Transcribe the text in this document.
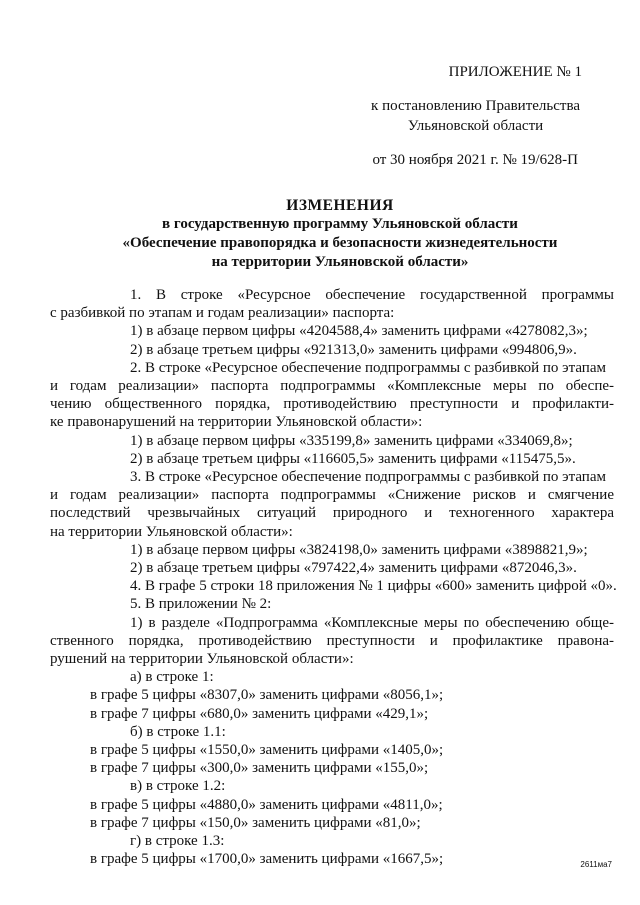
ПРИЛОЖЕНИЕ № 1
к постановлению Правительства
Ульяновской области
от 30 ноября 2021 г. № 19/628-П
ИЗМЕНЕНИЯ
в государственную программу Ульяновской области
«Обеспечение правопорядка и безопасности жизнедеятельности
на территории Ульяновской области»
1. В строке «Ресурсное обеспечение государственной программы
с разбивкой по этапам и годам реализации» паспорта:
1) в абзаце первом цифры «4204588,4» заменить цифрами «4278082,3»;
2) в абзаце третьем цифры «921313,0» заменить цифрами «994806,9».
2. В строке «Ресурсное обеспечение подпрограммы с разбивкой по этапам
и годам реализации» паспорта подпрограммы «Комплексные меры по обеспе-
чению общественного порядка, противодействию преступности и профилакти-
ке правонарушений на территории Ульяновской области»:
1) в абзаце первом цифры «335199,8» заменить цифрами «334069,8»;
2) в абзаце третьем цифры «116605,5» заменить цифрами «115475,5».
3. В строке «Ресурсное обеспечение подпрограммы с разбивкой по этапам
и годам реализации» паспорта подпрограммы «Снижение рисков и смягчение
последствий чрезвычайных ситуаций природного и техногенного характера
на территории Ульяновской области»:
1) в абзаце первом цифры «3824198,0» заменить цифрами «3898821,9»;
2) в абзаце третьем цифры «797422,4» заменить цифрами «872046,3».
4. В графе 5 строки 18 приложения № 1 цифры «600» заменить цифрой «0».
5. В приложении № 2:
1) в разделе «Подпрограмма «Комплексные меры по обеспечению обще-
ственного порядка, противодействию преступности и профилактике правона-
рушений на территории Ульяновской области»:
а) в строке 1:
в графе 5 цифры «8307,0» заменить цифрами «8056,1»;
в графе 7 цифры «680,0» заменить цифрами «429,1»;
б) в строке 1.1:
в графе 5 цифры «1550,0» заменить цифрами «1405,0»;
в графе 7 цифры «300,0» заменить цифрами «155,0»;
в) в строке 1.2:
в графе 5 цифры «4880,0» заменить цифрами «4811,0»;
в графе 7 цифры «150,0» заменить цифрами «81,0»;
г) в строке 1.3:
в графе 5 цифры «1700,0» заменить цифрами «1667,5»;	2611ма7
